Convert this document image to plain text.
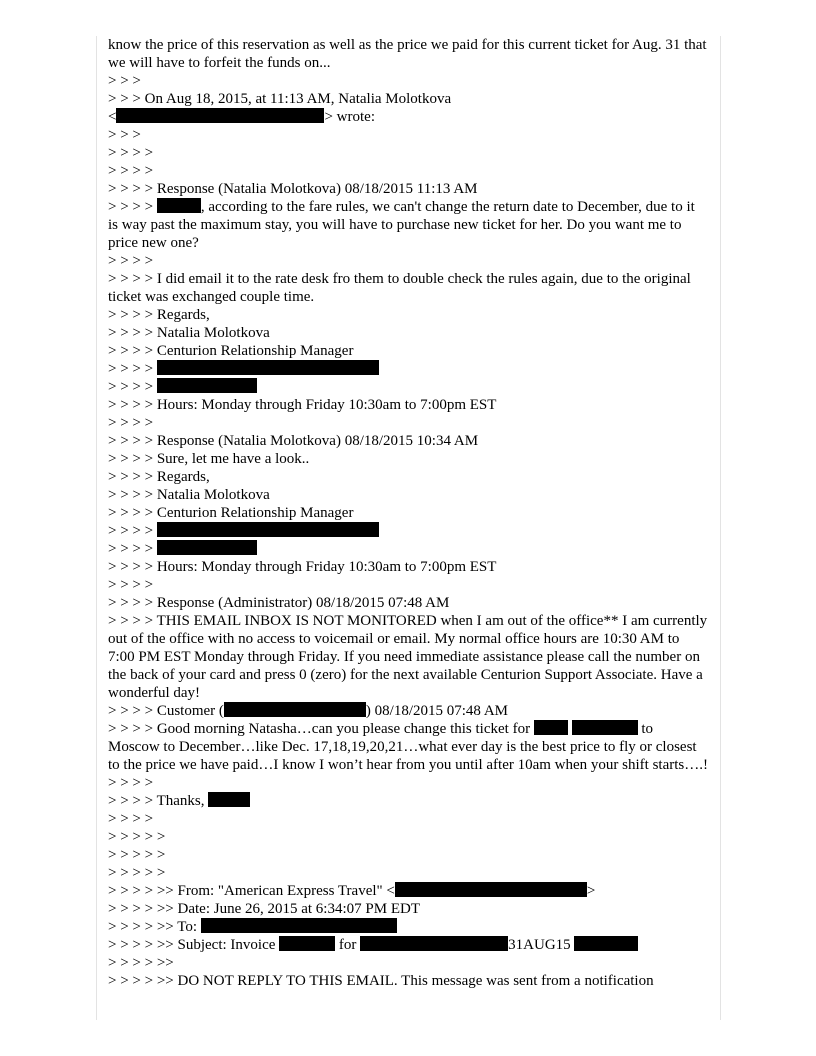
know the price of this reservation as well as the price we paid for this current ticket for Aug. 31 that we will have to forfeit the funds on...
> > >
> > > On Aug 18, 2015, at 11:13 AM, Natalia Molotkova
<	> wrote:
> > >
> > > >
> > > >
> > > > Response (Natalia Molotkova) 08/18/2015 11:13 AM
> > > >	, according to the fare rules, we can't change the return date to December, due to it is way past the maximum stay, you will have to purchase new ticket for her. Do you want me to price new one?
> > > >
> > > > I did email it to the rate desk fro them to double check the rules again, due to the original ticket was exchanged couple time.
> > > > Regards,
> > > > Natalia Molotkova
> > > > Centurion Relationship Manager
> > > >
> > > >
> > > > Hours: Monday through Friday 10:30am to 7:00pm EST
> > > >
> > > > Response (Natalia Molotkova) 08/18/2015 10:34 AM
> > > > Sure, let me have a look..
> > > > Regards,
> > > > Natalia Molotkova
> > > > Centurion Relationship Manager
> > > >
> > > >
> > > > Hours: Monday through Friday 10:30am to 7:00pm EST
> > > >
> > > > Response (Administrator) 08/18/2015 07:48 AM
> > > > THIS EMAIL INBOX IS NOT MONITORED when I am out of the office** I am currently out of the office with no access to voicemail or email. My normal office hours are 10:30 AM to 7:00 PM EST Monday through Friday. If you need immediate assistance please call the number on the back of your card and press 0 (zero) for the next available Centurion Support Associate. Have a wonderful day!
> > > > Customer (	) 08/18/2015 07:48 AM
> > > > Good morning Natasha…can you please change this ticket for	to Moscow to December…like Dec. 17,18,19,20,21…what ever day is the best price to fly or closest to the price we have paid…I know I won’t hear from you until after 10am when your shift starts….!
> > > >
> > > > Thanks,
> > > >
> > > > >
> > > > >
> > > > >
> > > > >> From: "American Express Travel" <	>
> > > > >> Date: June 26, 2015 at 6:34:07 PM EDT
> > > > >> To:
> > > > >> Subject: Invoice	for	31AUG15
> > > > >>
> > > > >> DO NOT REPLY TO THIS EMAIL. This message was sent from a notification
